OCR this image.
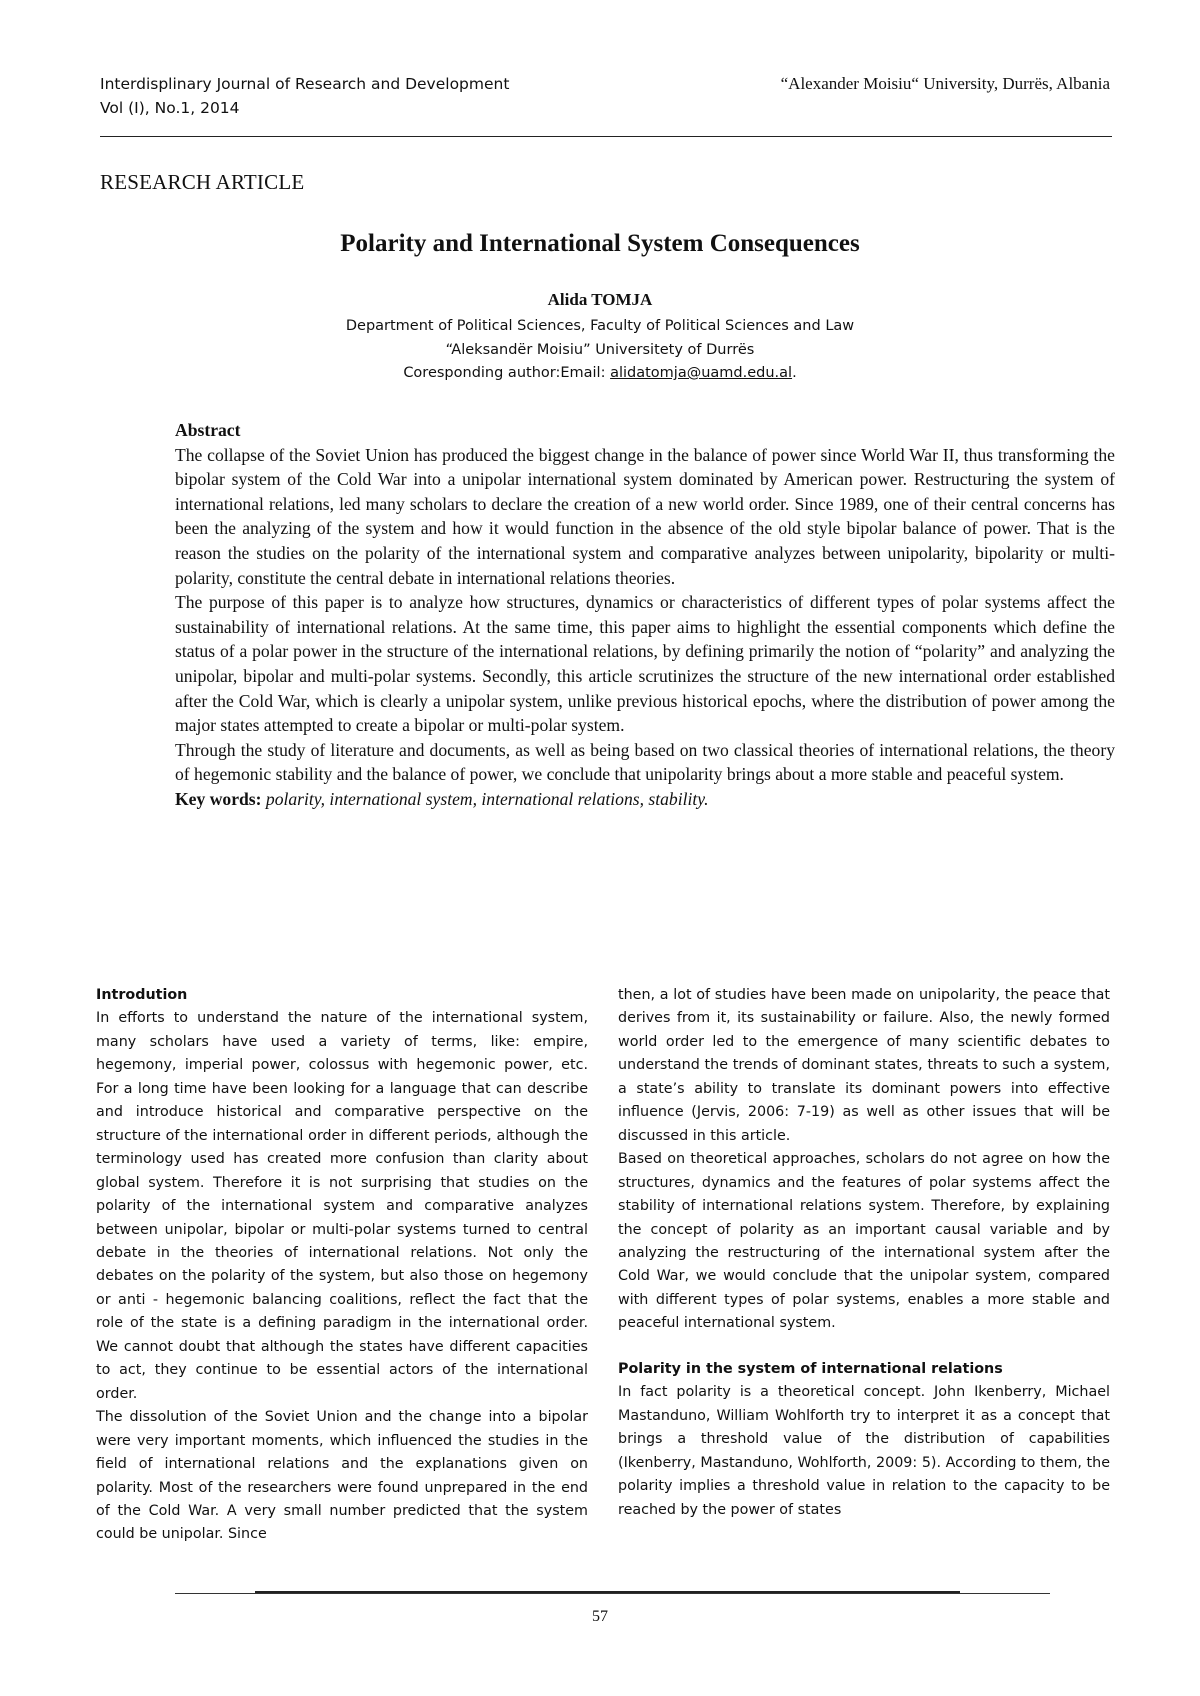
Interdisplinary Journal of Research and Development
Vol (I), No.1, 2014
“Alexander Moisiu“ University, Durrës, Albania
RESEARCH ARTICLE
Polarity and International System Consequences
Alida TOMJA
Department of Political Sciences, Faculty of Political Sciences and Law
“Aleksandër Moisiu” Universitety of Durrës
Coresponding author:Email: alidatomja@uamd.edu.al.
Abstract

The collapse of the Soviet Union has produced the biggest change in the balance of power since World War II, thus transforming the bipolar system of the Cold War into a unipolar international system dominated by American power. Restructuring the system of international relations, led many scholars to declare the creation of a new world order. Since 1989, one of their central concerns has been the analyzing of the system and how it would function in the absence of the old style bipolar balance of power. That is the reason the studies on the polarity of the international system and comparative analyzes between unipolarity, bipolarity or multi-polarity, constitute the central debate in international relations theories.

The purpose of this paper is to analyze how structures, dynamics or characteristics of different types of polar systems affect the sustainability of international relations. At the same time, this paper aims to highlight the essential components which define the status of a polar power in the structure of the international relations, by defining primarily the notion of “polarity” and analyzing the unipolar, bipolar and multi-polar systems. Secondly, this article scrutinizes the structure of the new international order established after the Cold War, which is clearly a unipolar system, unlike previous historical epochs, where the distribution of power among the major states attempted to create a bipolar or multi-polar system.

Through the study of literature and documents, as well as being based on two classical theories of international relations, the theory of hegemonic stability and the balance of power, we conclude that unipolarity brings about a more stable and peaceful system.

Key words: polarity, international system, international relations, stability.

Introdution

In efforts to understand the nature of the international system, many scholars have used a variety of terms, like: empire, hegemony, imperial power, colossus with hegemonic power, etc. For a long time have been looking for a language that can describe and introduce historical and comparative perspective on the structure of the international order in different periods, although the terminology used has created more confusion than clarity about global system. Therefore it is not surprising that studies on the polarity of the international system and comparative analyzes between unipolar, bipolar or multi-polar systems turned to central debate in the theories of international relations. Not only the debates on the polarity of the system, but also those on hegemony or anti - hegemonic balancing coalitions, reflect the fact that the role of the state is a defining paradigm in the international order. We cannot doubt that although the states have different capacities to act, they continue to be essential actors of the international order.

The dissolution of the Soviet Union and the change into a bipolar were very important moments, which influenced the studies in the field of international relations and the explanations given on polarity. Most of the researchers were found unprepared in the end of the Cold War. A very small number predicted that the system could be unipolar. Since

then, a lot of studies have been made on unipolarity, the peace that derives from it, its sustainability or failure. Also, the newly formed world order led to the emergence of many scientific debates to understand the trends of dominant states, threats to such a system, a state’s ability to translate its dominant powers into effective influence (Jervis, 2006: 7-19) as well as other issues that will be discussed in this article.

Based on theoretical approaches, scholars do not agree on how the structures, dynamics and the features of polar systems affect the stability of international relations system. Therefore, by explaining the concept of polarity as an important causal variable and by analyzing the restructuring of the international system after the Cold War, we would conclude that the unipolar system, compared with different types of polar systems, enables a more stable and peaceful international system.

Polarity in the system of international relations

In fact polarity is a theoretical concept. John Ikenberry, Michael Mastanduno, William Wohlforth try to interpret it as a concept that brings a threshold value of the distribution of capabilities (Ikenberry, Mastanduno, Wohlforth, 2009: 5). According to them, the polarity implies a threshold value in relation to the capacity to be reached by the power of states

57
